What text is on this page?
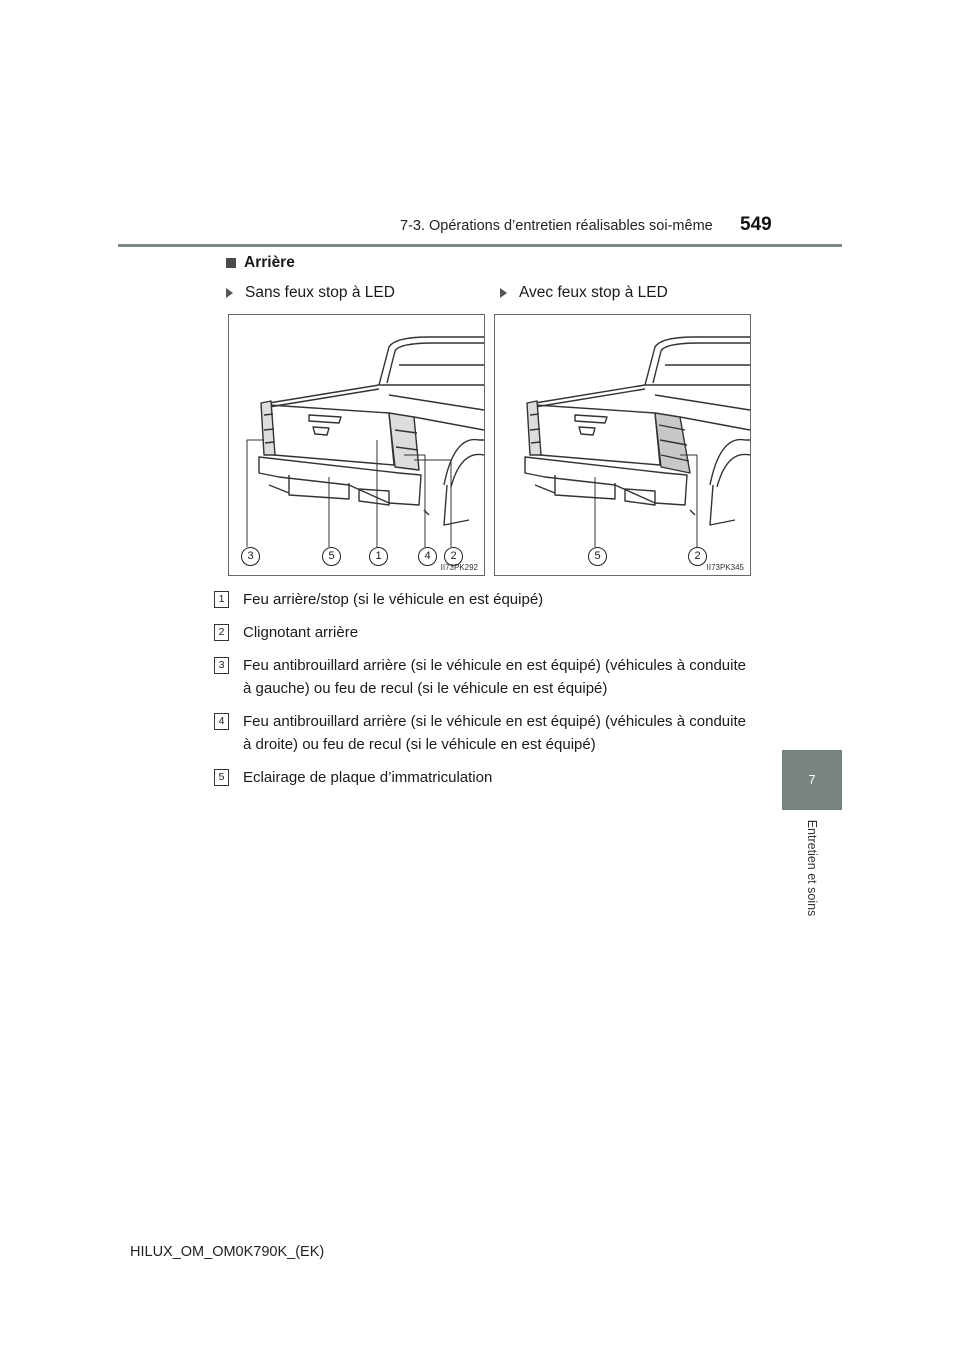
7-3. Opérations d’entretien réalisables soi-même 549
7
Entretien et soins
Arrière
Sans feux stop à LED	Avec feux stop à LED
3	5	1	4	2
II73PK292
5	2
II73PK345
1	Feu arrière/stop (si le véhicule en est équipé)
2	Clignotant arrière
3	Feu antibrouillard arrière (si le véhicule en est équipé) (véhicules à conduite à gauche) ou feu de recul (si le véhicule en est équipé)
4	Feu antibrouillard arrière (si le véhicule en est équipé) (véhicules à conduite à droite) ou feu de recul (si le véhicule en est équipé)
5	Eclairage de plaque d’immatriculation
HILUX_OM_OM0K790K_(EK)
